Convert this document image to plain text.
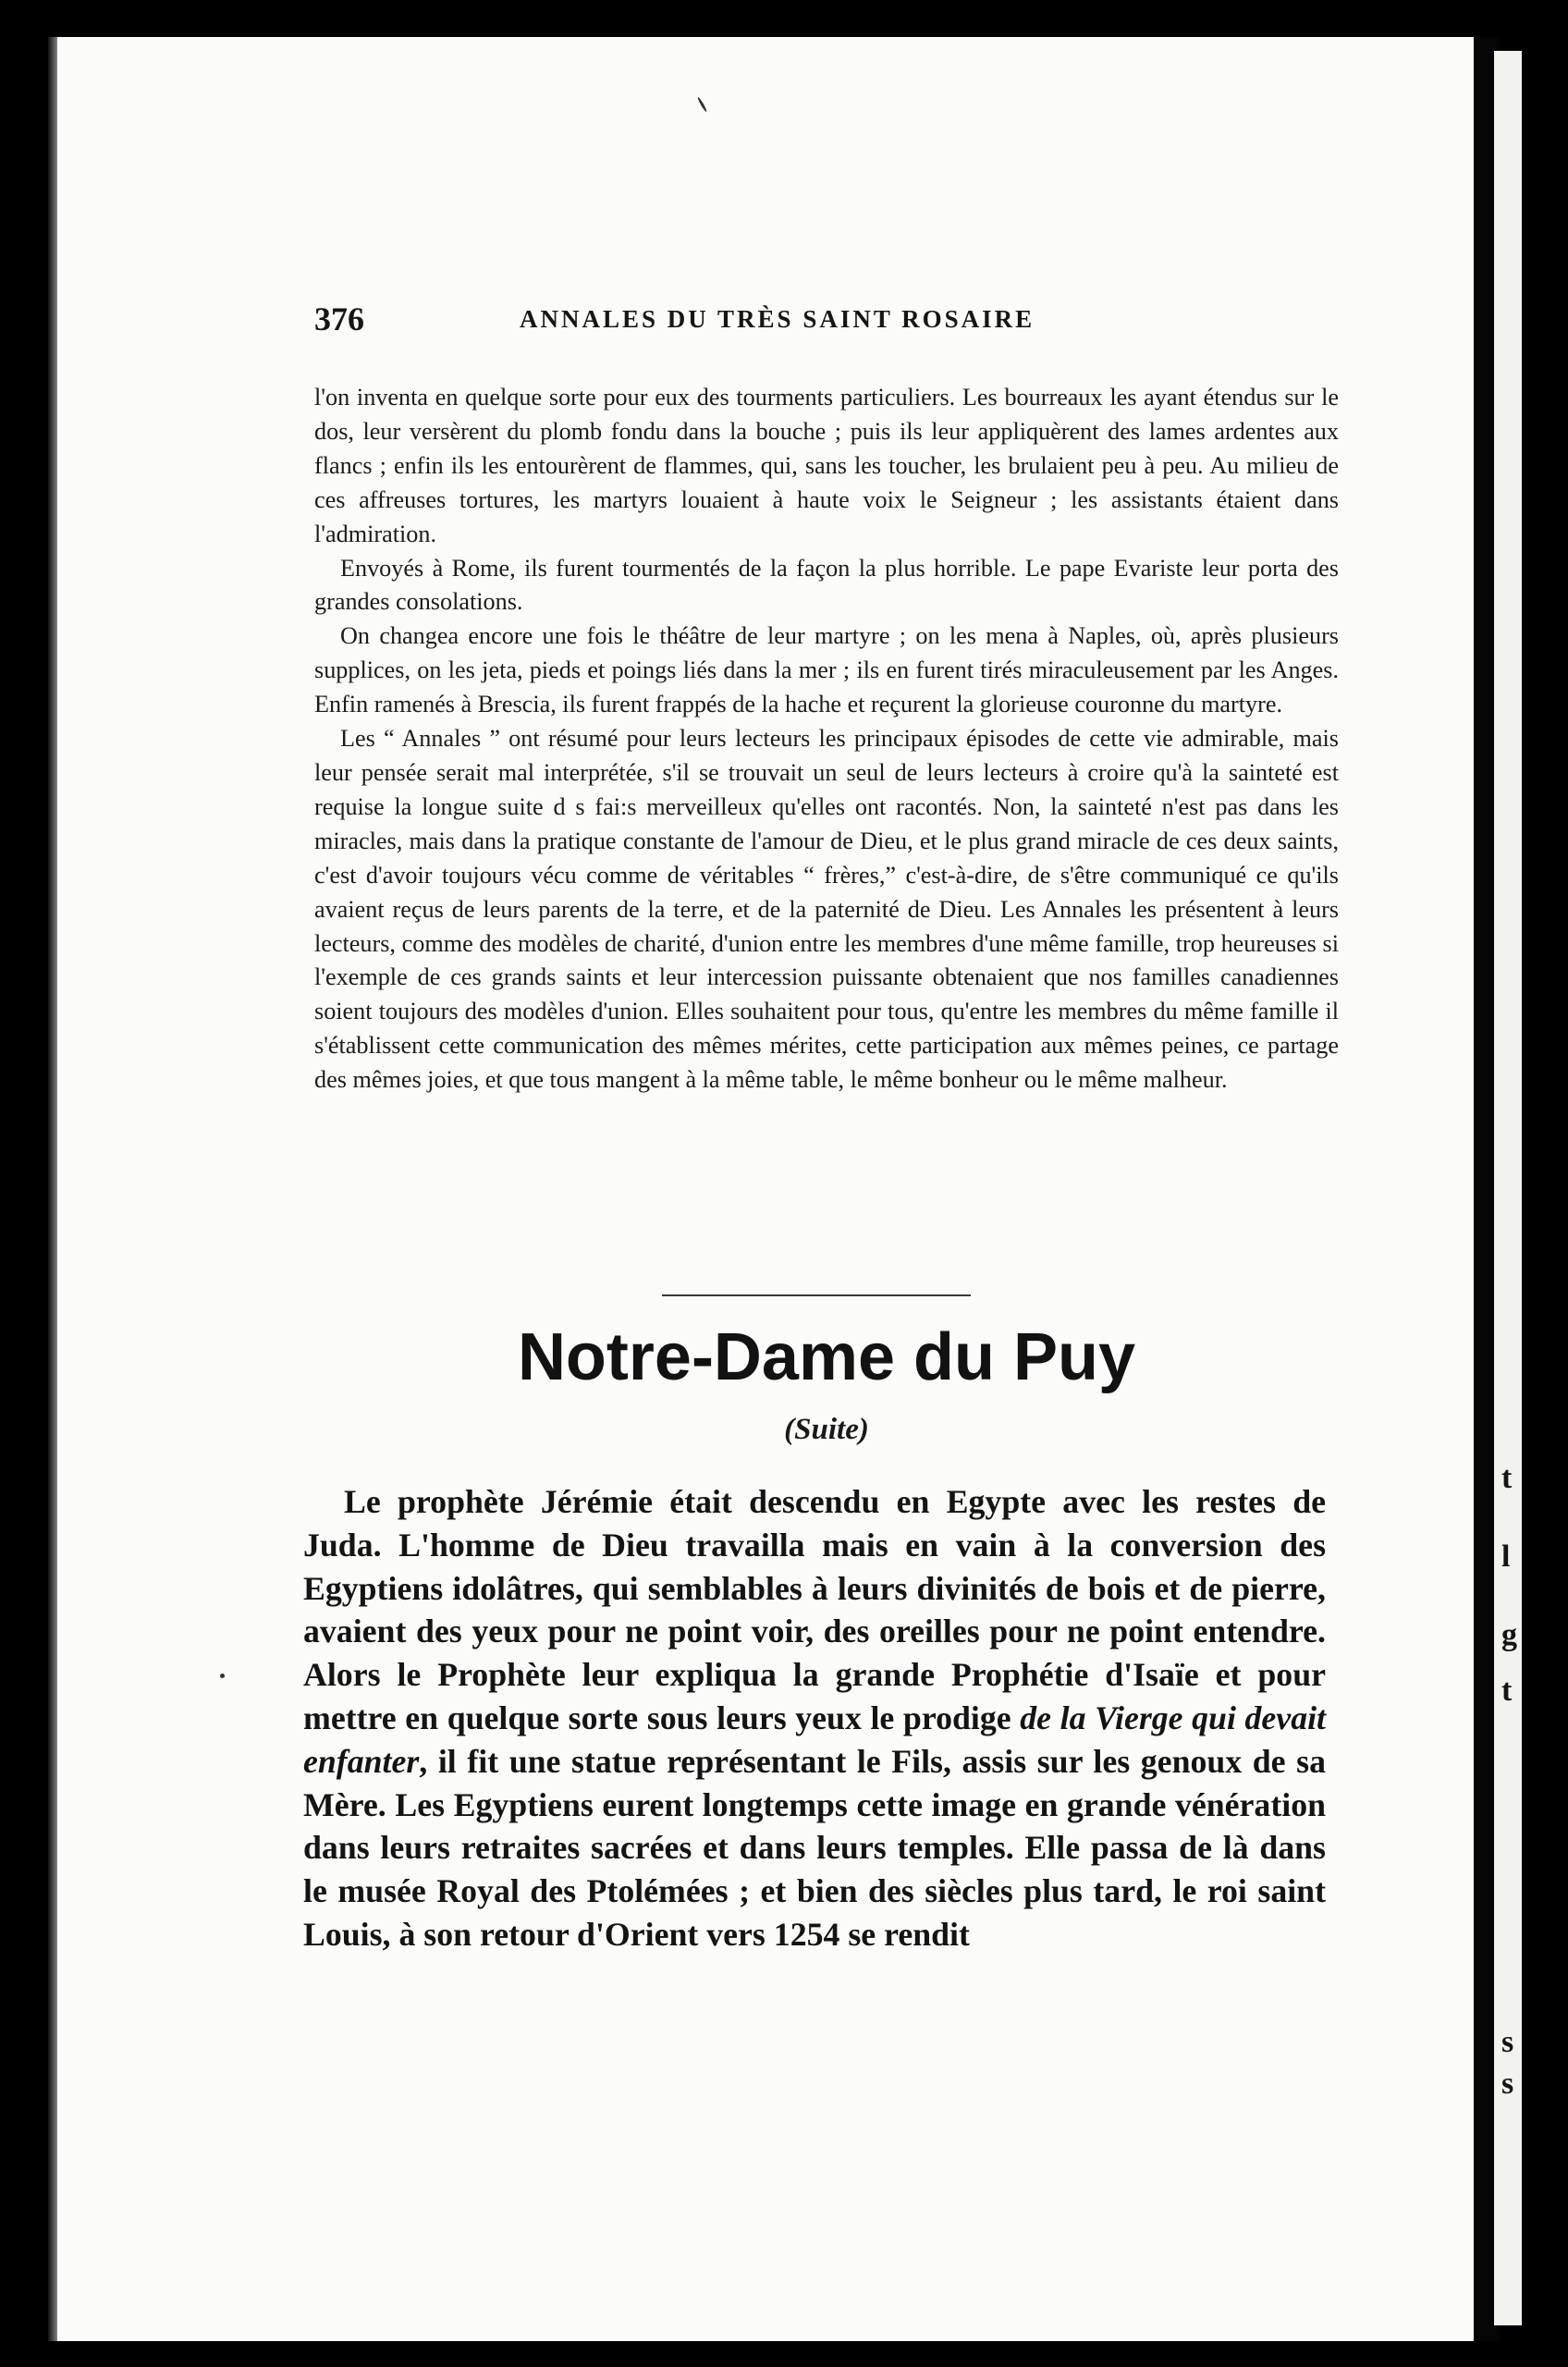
t
l
g
t
s
s
376	ANNALES DU TRÈS SAINT ROSAIRE

l'on inventa en quelque sorte pour eux des tourments particuliers. Les bourreaux les ayant étendus sur le dos, leur versèrent du plomb fondu dans la bouche ; puis ils leur appliquèrent des lames ardentes aux flancs ; enfin ils les entourèrent de flammes, qui, sans les toucher, les brulaient peu à peu. Au milieu de ces affreuses tortures, les martyrs louaient à haute voix le Seigneur ; les assistants étaient dans l'admiration.

Envoyés à Rome, ils furent tourmentés de la façon la plus horrible. Le pape Evariste leur porta des grandes consolations.

On changea encore une fois le théâtre de leur martyre ; on les mena à Naples, où, après plusieurs supplices, on les jeta, pieds et poings liés dans la mer ; ils en furent tirés miraculeusement par les Anges. Enfin ramenés à Brescia, ils furent frappés de la hache et reçurent la glorieuse couronne du martyre.

Les “ Annales ” ont résumé pour leurs lecteurs les principaux épisodes de cette vie admirable, mais leur pensée serait mal interprétée, s'il se trouvait un seul de leurs lecteurs à croire qu'à la sainteté est requise la longue suite d s fai:s merveilleux qu'elles ont racontés. Non, la sainteté n'est pas dans les miracles, mais dans la pratique constante de l'amour de Dieu, et le plus grand miracle de ces deux saints, c'est d'avoir toujours vécu comme de véritables “ frères,” c'est-à-dire, de s'être communiqué ce qu'ils avaient reçus de leurs parents de la terre, et de la paternité de Dieu. Les Annales les présentent à leurs lecteurs, comme des modèles de charité, d'union entre les membres d'une même famille, trop heureuses si l'exemple de ces grands saints et leur intercession puissante obtenaient que nos familles canadiennes soient toujours des modèles d'union. Elles souhaitent pour tous, qu'entre les membres du même famille il s'établissent cette communication des mêmes mérites, cette participation aux mêmes peines, ce partage des mêmes joies, et que tous mangent à la même table, le même bonheur ou le même malheur.

Notre-Dame du Puy
(Suite)

Le prophète Jérémie était descendu en Egypte avec les restes de Juda. L'homme de Dieu travailla mais en vain à la conversion des Egyptiens idolâtres, qui semblables à leurs divinités de bois et de pierre, avaient des yeux pour ne point voir, des oreilles pour ne point entendre. Alors le Prophète leur expliqua la grande Prophétie d'Isaïe et pour mettre en quelque sorte sous leurs yeux le prodige de la Vierge qui devait enfanter, il fit une statue représentant le Fils, assis sur les genoux de sa Mère. Les Egyptiens eurent longtemps cette image en grande vénération dans leurs retraites sacrées et dans leurs temples. Elle passa de là dans le musée Royal des Ptolémées ; et bien des siècles plus tard, le roi saint Louis, à son retour d'Orient vers 1254 se rendit
